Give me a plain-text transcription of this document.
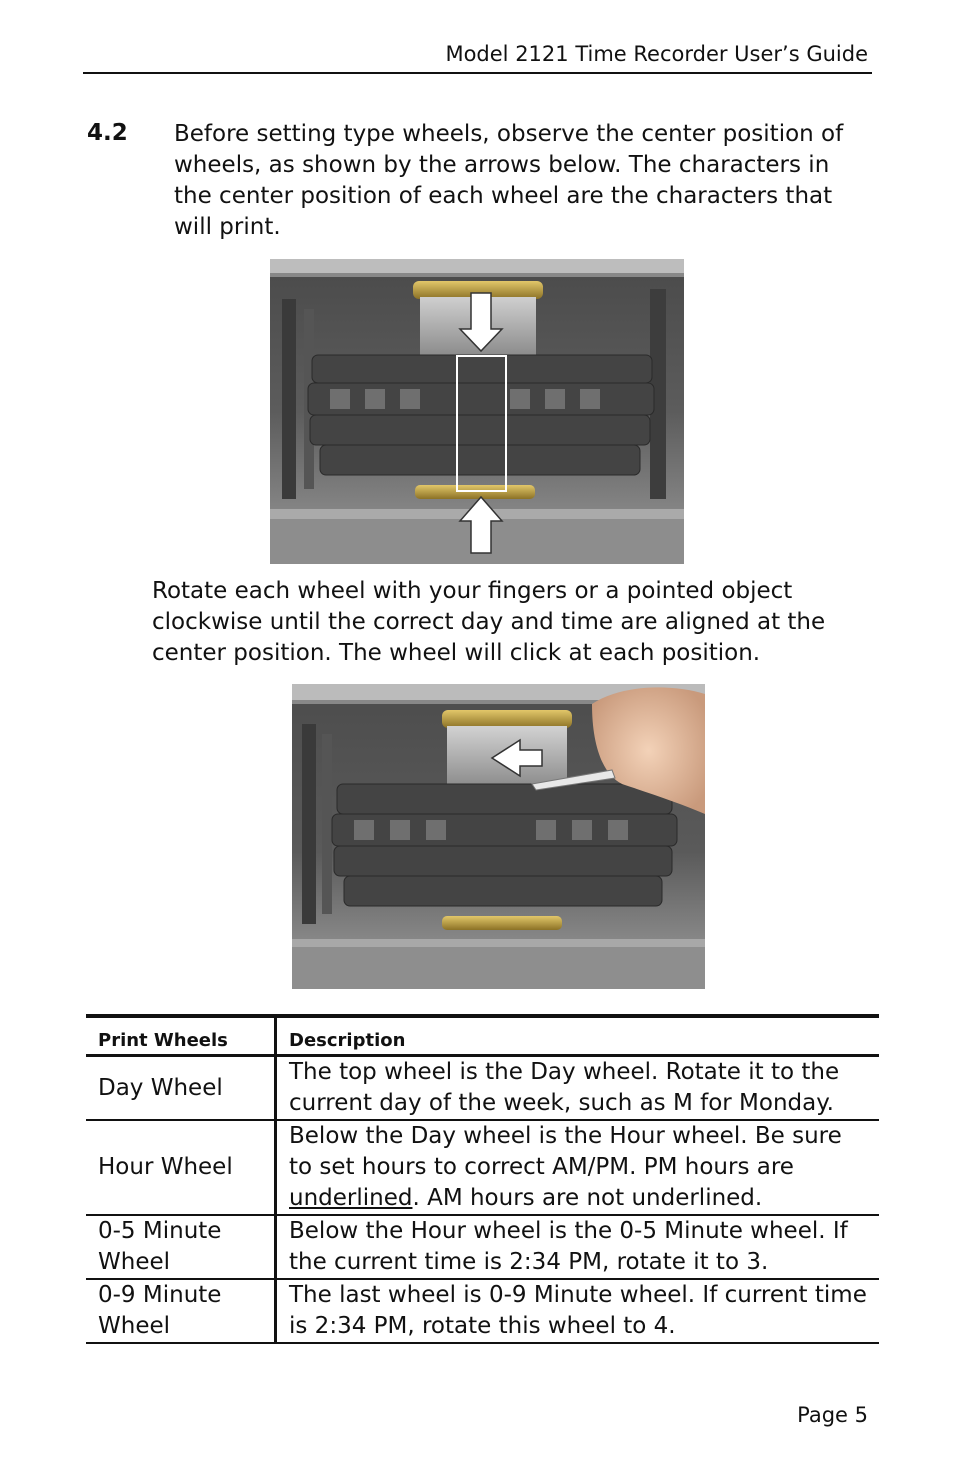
Model 2121 Time Recorder User’s Guide
4.2 Before setting type wheels, observe the center position of wheels, as shown by the arrows below. The characters in the center position of each wheel are the characters that will print.
Rotate each wheel with your fingers or a pointed object clockwise until the correct day and time are aligned at the center position. The wheel will click at each position.
Print Wheels	Description
Day Wheel	The top wheel is the Day wheel. Rotate it to the current day of the week, such as M for Monday.
Hour Wheel	Below the Day wheel is the Hour wheel. Be sure to set hours to correct AM/PM. PM hours are underlined. AM hours are not underlined.
0-5 Minute Wheel	Below the Hour wheel is the 0-5 Minute wheel. If the current time is 2:34 PM, rotate it to 3.
0-9 Minute Wheel	The last wheel is 0-9 Minute wheel. If current time is 2:34 PM, rotate this wheel to 4.
Page 5
